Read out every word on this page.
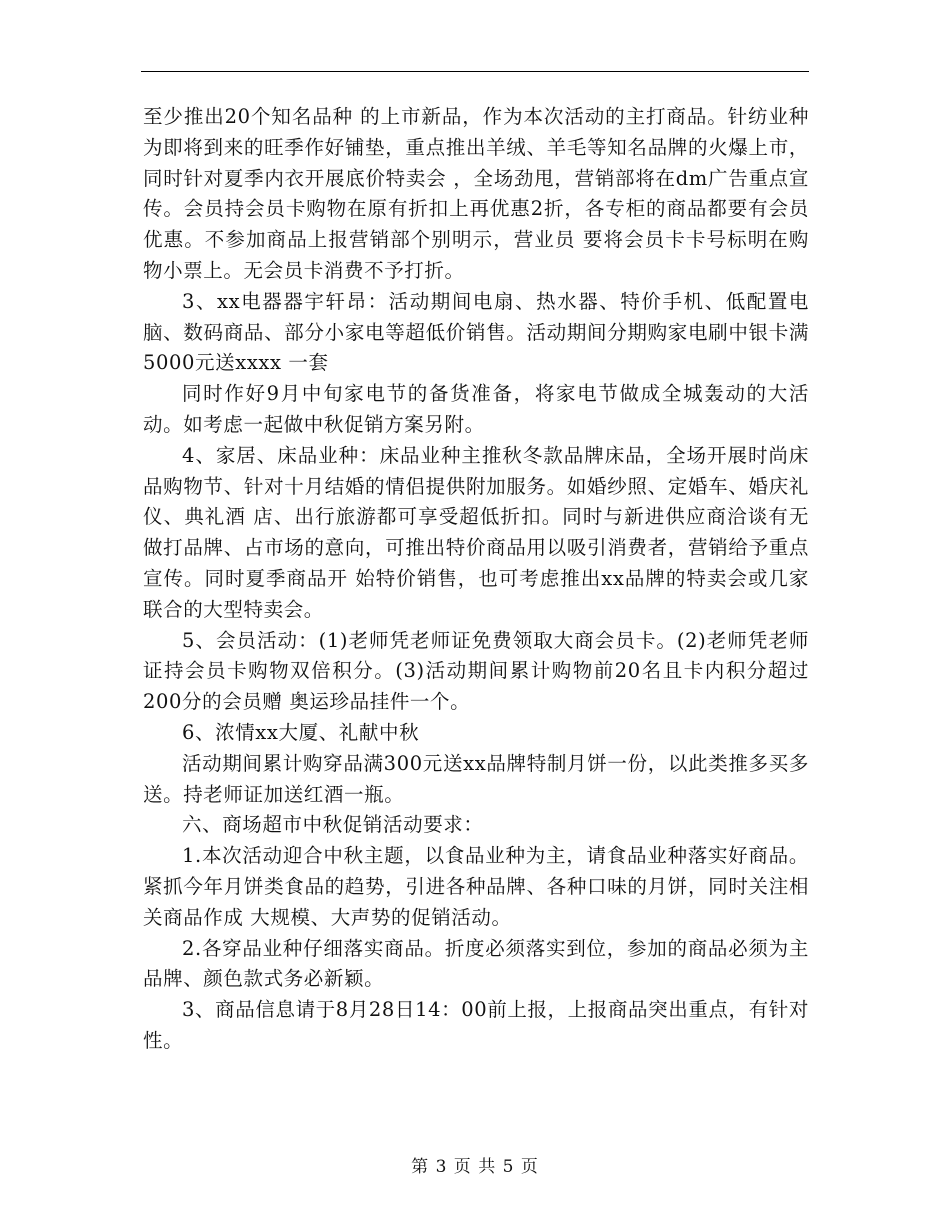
至少推出20个知名品种 的上市新品，作为本次活动的主打商品。针纺业种为即将到来的旺季作好铺垫，重点推出羊绒、羊毛等知名品牌的火爆上市，同时针对夏季内衣开展底价特卖会 ，全场劲甩，营销部将在dm广告重点宣传。会员持会员卡购物在原有折扣上再优惠2折，各专柜的商品都要有会员优惠。不参加商品上报营销部个别明示，营业员 要将会员卡卡号标明在购物小票上。无会员卡消费不予打折。

3、xx电器器宇轩昂：活动期间电扇、热水器、特价手机、低配置电脑、数码商品、部分小家电等超低价销售。活动期间分期购家电刷中银卡满5000元送xxxx 一套

同时作好9月中旬家电节的备货准备，将家电节做成全城轰动的大活动。如考虑一起做中秋促销方案另附。

4、家居、床品业种：床品业种主推秋冬款品牌床品，全场开展时尚床品购物节、针对十月结婚的情侣提供附加服务。如婚纱照、定婚车、婚庆礼仪、典礼酒 店、出行旅游都可享受超低折扣。同时与新进供应商洽谈有无做打品牌、占市场的意向，可推出特价商品用以吸引消费者，营销给予重点宣传。同时夏季商品开 始特价销售，也可考虑推出xx品牌的特卖会或几家联合的大型特卖会。

5、会员活动：(1)老师凭老师证免费领取大商会员卡。(2)老师凭老师证持会员卡购物双倍积分。(3)活动期间累计购物前20名且卡内积分超过200分的会员赠 奥运珍品挂件一个。

6、浓情xx大厦、礼献中秋

活动期间累计购穿品满300元送xx品牌特制月饼一份，以此类推多买多送。持老师证加送红酒一瓶。

六、商场超市中秋促销活动要求：

1.本次活动迎合中秋主题，以食品业种为主，请食品业种落实好商品。紧抓今年月饼类食品的趋势，引进各种品牌、各种口味的月饼，同时关注相关商品作成 大规模、大声势的促销活动。

2.各穿品业种仔细落实商品。折度必须落实到位，参加的商品必须为主品牌、颜色款式务必新颖。

3、商品信息请于8月28日14：00前上报，上报商品突出重点，有针对性。

第 3 页 共 5 页
